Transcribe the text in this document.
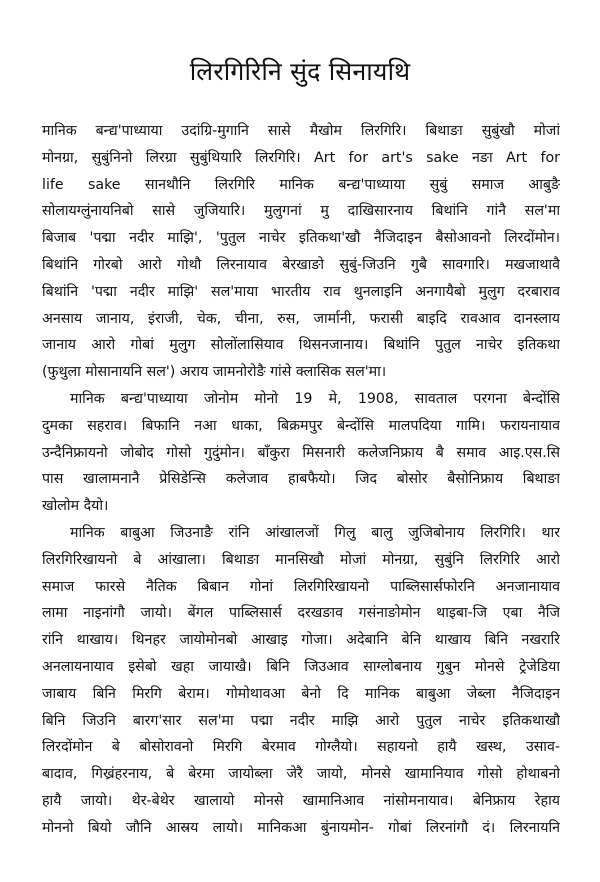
लिरगिरिनि सुंद सिनायथि
मानिक बन्द्य'पाध्याया उदांग्रि-मुगानि सासे मैखोम लिरगिरि। बिथाङा सुबुंखौ मोजां
मोनग्रा, सुबुंनिनो लिरग्रा सुबुंथियारि लिरगिरि। Art for art's sake नङा Art for
life sake सानथौनि लिरगिरि मानिक बन्द्य'पाध्याया सुबुं समाज आबुङै
सोलायग्लुंनायनिबो सासे जुजियारि। मुलुगनां मु दाखिसारनाय बिथांनि गांनै सल'मा
बिजाब 'पद्मा नदीर माझि', 'पुतुल नाचेर इतिकथा'खौ नैजिदाइन बैसोआवनो लिरदोंमोन।
बिथांनि गोरबो आरो गोथौ लिरनायाव बेरखाङो सुबुं-जिउनि गुबै सावगारि। मखजाथावै
बिथांनि 'पद्मा नदीर माझि' सल'माया भारतीय राव थुनलाइनि अनगायैबो मुलुग दरबाराव
अनसाय जानाय, इंराजी, चेक, चीना, रुस, जार्मानी, फरासी बाइदि रावआव दानस्लाय
जानाय आरो गोबां मुलुग सोलोंलासियाव थिसनजानाय। बिथांनि पुतुल नाचेर इतिकथा
(फुथुला मोसानायनि सल') अराय जामनोरोङै गांसे क्लासिक सल'मा।
मानिक बन्द्य'पाध्याया जोनोम मोनो 19 मे, 1908, सावताल परगना बेन्दोंसि
दुमका सहराव। बिफानि नआ धाका, बिक्रमपुर बेन्दोंसि मालपदिया गामि। फरायनायाव
उन्दैनिफ्रायनो जोबोद गोसो गुदुंमोन। बाँकुरा मिसनारी कलेजनिफ्राय बै समाव आइ.एस.सि
पास खालामनानै प्रेसिडेन्सि कलेजाव हाबफैयो। जिद बोसोर बैसोनिफ्राय बिथाङा
खोलोम दैयो।
मानिक बाबुआ जिउनाङै रांनि आंखालजों गिलु बालु जुजिबोनाय लिरगिरि। थार
लिरगिरिखायनो बे आंखाला। बिथाङा मानसिखौ मोजां मोनग्रा, सुबुंनि लिरगिरि आरो
समाज फारसे नैतिक बिबान गोनां लिरगिरिखायनो पाब्लिसार्सफोरनि अनजानायाव
लामा नाइनांगौ जायो। बेंगल पाब्लिसार्स दरखङाव गसंनाङोमोन थाइबा-जि एबा नैजि
रांनि थाखाय। थिनहर जायोमोनबो आखाइ गोजा। अदेबानि बेनि थाखाय बिनि नखरारि
अनलायनायाव इसेबो खहा जायाखै। बिनि जिउआव साग्लोबनाय गुबुन मोनसे ट्रेजेडिया
जाबाय बिनि मिरगि बेराम। गोमोथावआ बेनो दि मानिक बाबुआ जेब्ला नैजिदाइन
बिनि जिउनि बारग'सार सल'मा पद्मा नदीर माझि आरो पुतुल नाचेर इतिकथाखौ
लिरदोंमोन बे बोसोरावनो मिरगि बेरमाव गोग्लैयो। सहायनो हायै खस्थ, उसाव-
बादाव, गिख्रंहरनाय, बे बेरमा जायोब्ला जेरै जायो, मोनसे खामानियाव गोसो होथाबनो
हायै जायो। थेर-बेथेर खालायो मोनसे खामानिआव नांसोमनायाव। बेनिफ्राय रेहाय
मोननो बियो जौनि आस्रय लायो। मानिकआ बुंनायमोन- गोबां लिरनांगौ दं। लिरनायनि
